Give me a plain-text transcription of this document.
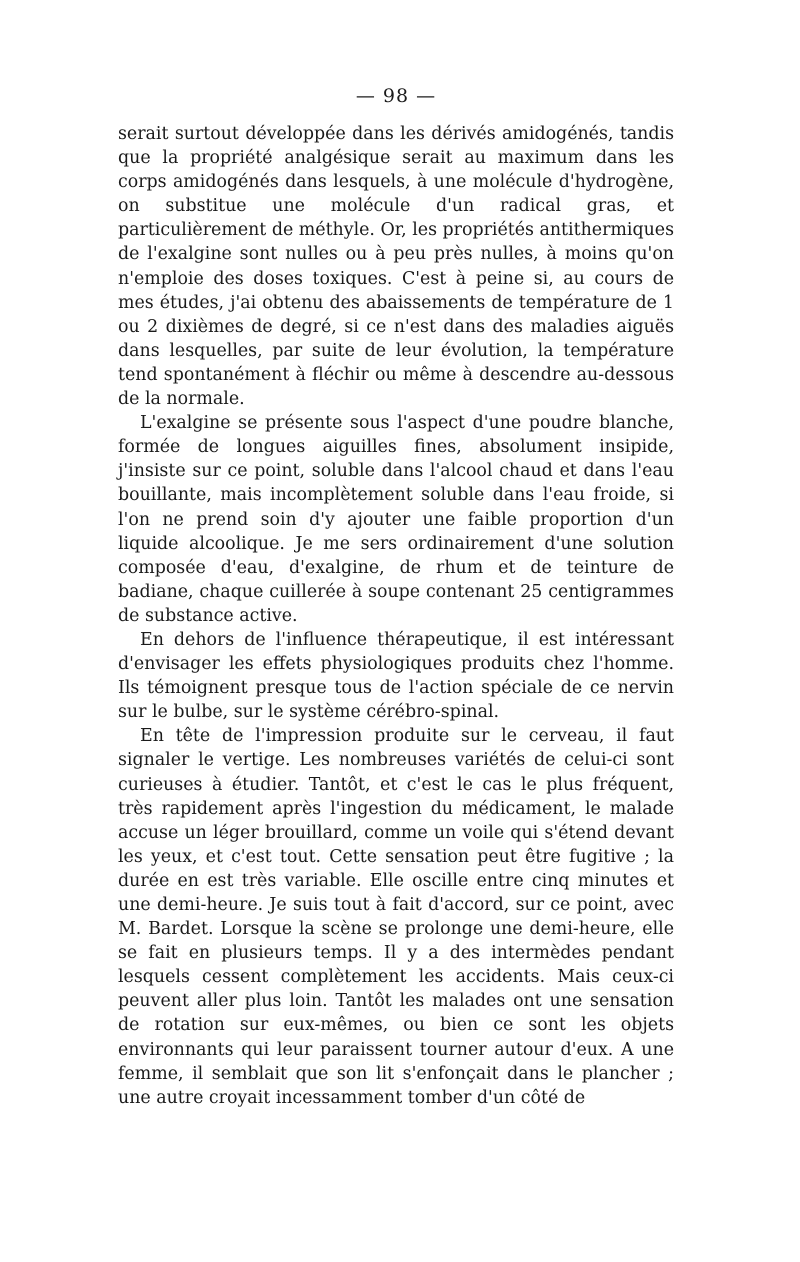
— 98 —

serait surtout développée dans les dérivés amidogénés, tandis que la propriété analgésique serait au maximum dans les corps amidogénés dans lesquels, à une molécule d'hydrogène, on substitue une molécule d'un radical gras, et particulièrement de méthyle. Or, les propriétés antithermiques de l'exalgine sont nulles ou à peu près nulles, à moins qu'on n'emploie des doses toxiques. C'est à peine si, au cours de mes études, j'ai obtenu des abaissements de température de 1 ou 2 dixièmes de degré, si ce n'est dans des maladies aiguës dans lesquelles, par suite de leur évolution, la température tend spontanément à fléchir ou même à descendre au-dessous de la normale.

L'exalgine se présente sous l'aspect d'une poudre blanche, formée de longues aiguilles fines, absolument insipide, j'insiste sur ce point, soluble dans l'alcool chaud et dans l'eau bouillante, mais incomplètement soluble dans l'eau froide, si l'on ne prend soin d'y ajouter une faible proportion d'un liquide alcoolique. Je me sers ordinairement d'une solution composée d'eau, d'exalgine, de rhum et de teinture de badiane, chaque cuillerée à soupe contenant 25 centigrammes de substance active.

En dehors de l'influence thérapeutique, il est intéressant d'envisager les effets physiologiques produits chez l'homme. Ils témoignent presque tous de l'action spéciale de ce nervin sur le bulbe, sur le système cérébro-spinal.

En tête de l'impression produite sur le cerveau, il faut signaler le vertige. Les nombreuses variétés de celui-ci sont curieuses à étudier. Tantôt, et c'est le cas le plus fréquent, très rapidement après l'ingestion du médicament, le malade accuse un léger brouillard, comme un voile qui s'étend devant les yeux, et c'est tout. Cette sensation peut être fugitive ; la durée en est très variable. Elle oscille entre cinq minutes et une demi-heure. Je suis tout à fait d'accord, sur ce point, avec M. Bardet. Lorsque la scène se prolonge une demi-heure, elle se fait en plusieurs temps. Il y a des intermèdes pendant lesquels cessent complètement les accidents. Mais ceux-ci peuvent aller plus loin. Tantôt les malades ont une sensation de rotation sur eux-mêmes, ou bien ce sont les objets environnants qui leur paraissent tourner autour d'eux. A une femme, il semblait que son lit s'enfonçait dans le plancher ; une autre croyait incessamment tomber d'un côté de
